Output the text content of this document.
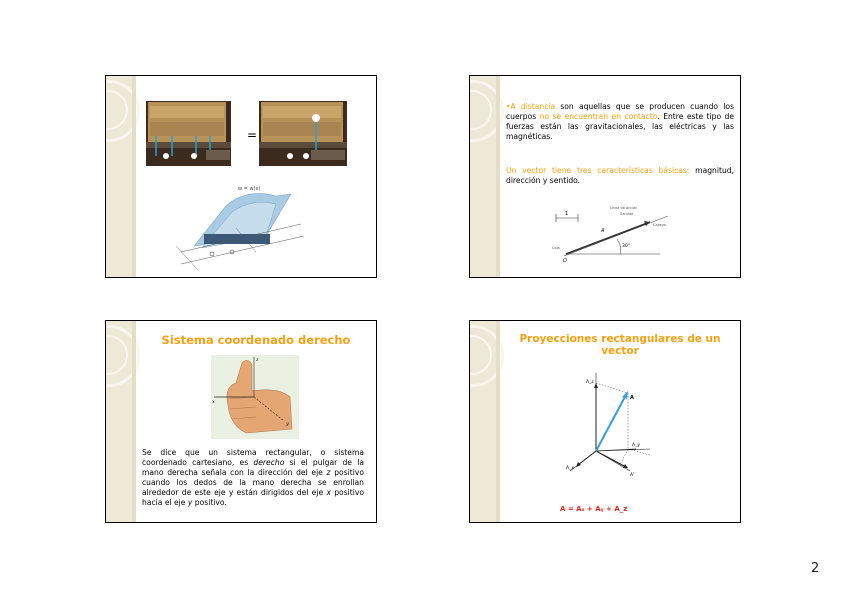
=
w = w(x)
•A distancia son aquellas que se producen cuando los cuerpos no se encuentran en contacto. Entre este tipo de fuerzas están las gravitacionales, las eléctricas y las magnéticas.
Un vector tiene tres características básicas: magnitud, dirección y sentido.
1
30°
A
O
Línea de acción
Sentido
Cola
Cabeza
Sistema coordenado derecho
z
x
y
Se dice que un sistema rectangular, o sistema coordenado cartesiano, es derecho si el pulgar de la mano derecha señala con la dirección del eje z positivo cuando los dedos de la mano derecha se enrollan alrededor de este eje y están dirigidos del eje x positivo hacia el eje y positivo.
Proyecciones rectangulares de un vector
A_z
A
A_y
A_x
A'
A = Aₓ + Aᵧ + A_z
2
